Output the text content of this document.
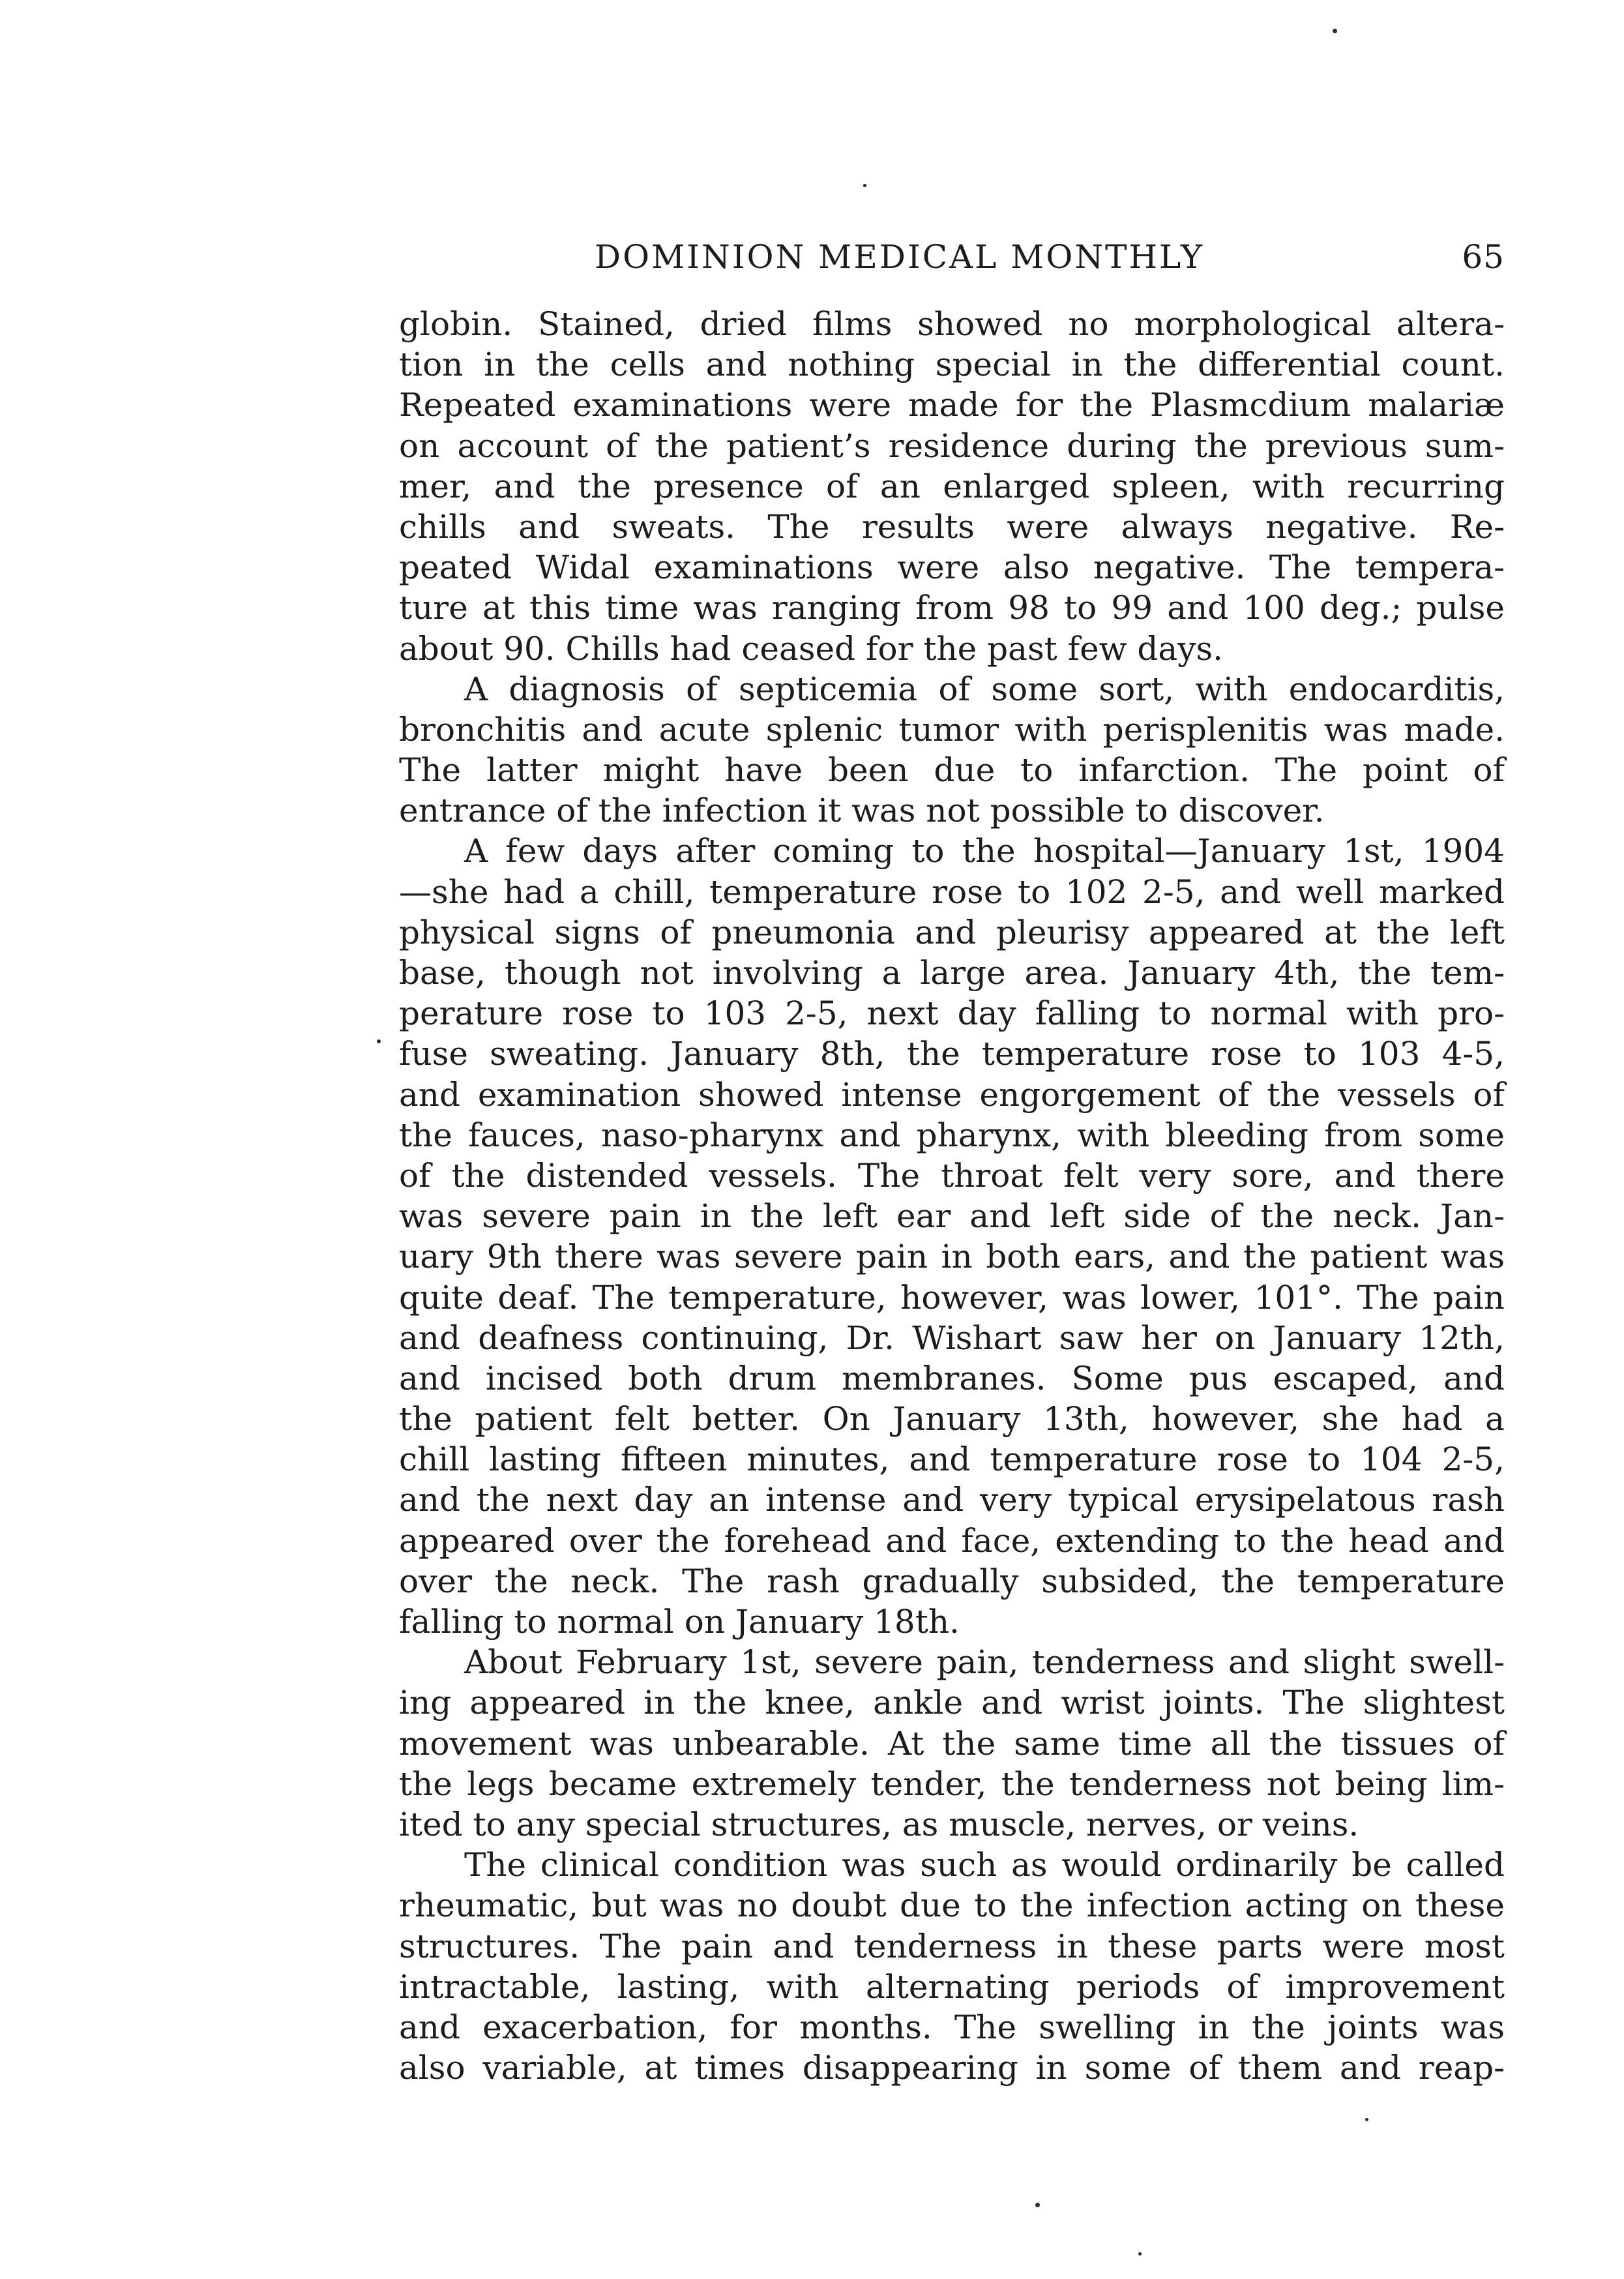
DOMINION MEDICAL MONTHLY	65
globin. Stained, dried films showed no morphological altera-
tion in the cells and nothing special in the differential count.
Repeated examinations were made for the Plasmcdium malariæ
on account of the patient’s residence during the previous sum-
mer, and the presence of an enlarged spleen, with recurring
chills and sweats. The results were always negative. Re-
peated Widal examinations were also negative. The tempera-
ture at this time was ranging from 98 to 99 and 100 deg.; pulse
about 90. Chills had ceased for the past few days.
A diagnosis of septicemia of some sort, with endocarditis,
bronchitis and acute splenic tumor with perisplenitis was made.
The latter might have been due to infarction. The point of
entrance of the infection it was not possible to discover.
A few days after coming to the hospital—January 1st, 1904
—she had a chill, temperature rose to 102 2-5, and well marked
physical signs of pneumonia and pleurisy appeared at the left
base, though not involving a large area. January 4th, the tem-
perature rose to 103 2-5, next day falling to normal with pro-
fuse sweating. January 8th, the temperature rose to 103 4-5,
and examination showed intense engorgement of the vessels of
the fauces, naso-pharynx and pharynx, with bleeding from some
of the distended vessels. The throat felt very sore, and there
was severe pain in the left ear and left side of the neck. Jan-
uary 9th there was severe pain in both ears, and the patient was
quite deaf. The temperature, however, was lower, 101°. The pain
and deafness continuing, Dr. Wishart saw her on January 12th,
and incised both drum membranes. Some pus escaped, and
the patient felt better. On January 13th, however, she had a
chill lasting fifteen minutes, and temperature rose to 104 2-5,
and the next day an intense and very typical erysipelatous rash
appeared over the forehead and face, extending to the head and
over the neck. The rash gradually subsided, the temperature
falling to normal on January 18th.
About February 1st, severe pain, tenderness and slight swell-
ing appeared in the knee, ankle and wrist joints. The slightest
movement was unbearable. At the same time all the tissues of
the legs became extremely tender, the tenderness not being lim-
ited to any special structures, as muscle, nerves, or veins.
The clinical condition was such as would ordinarily be called
rheumatic, but was no doubt due to the infection acting on these
structures. The pain and tenderness in these parts were most
intractable, lasting, with alternating periods of improvement
and exacerbation, for months. The swelling in the joints was
also variable, at times disappearing in some of them and reap-
